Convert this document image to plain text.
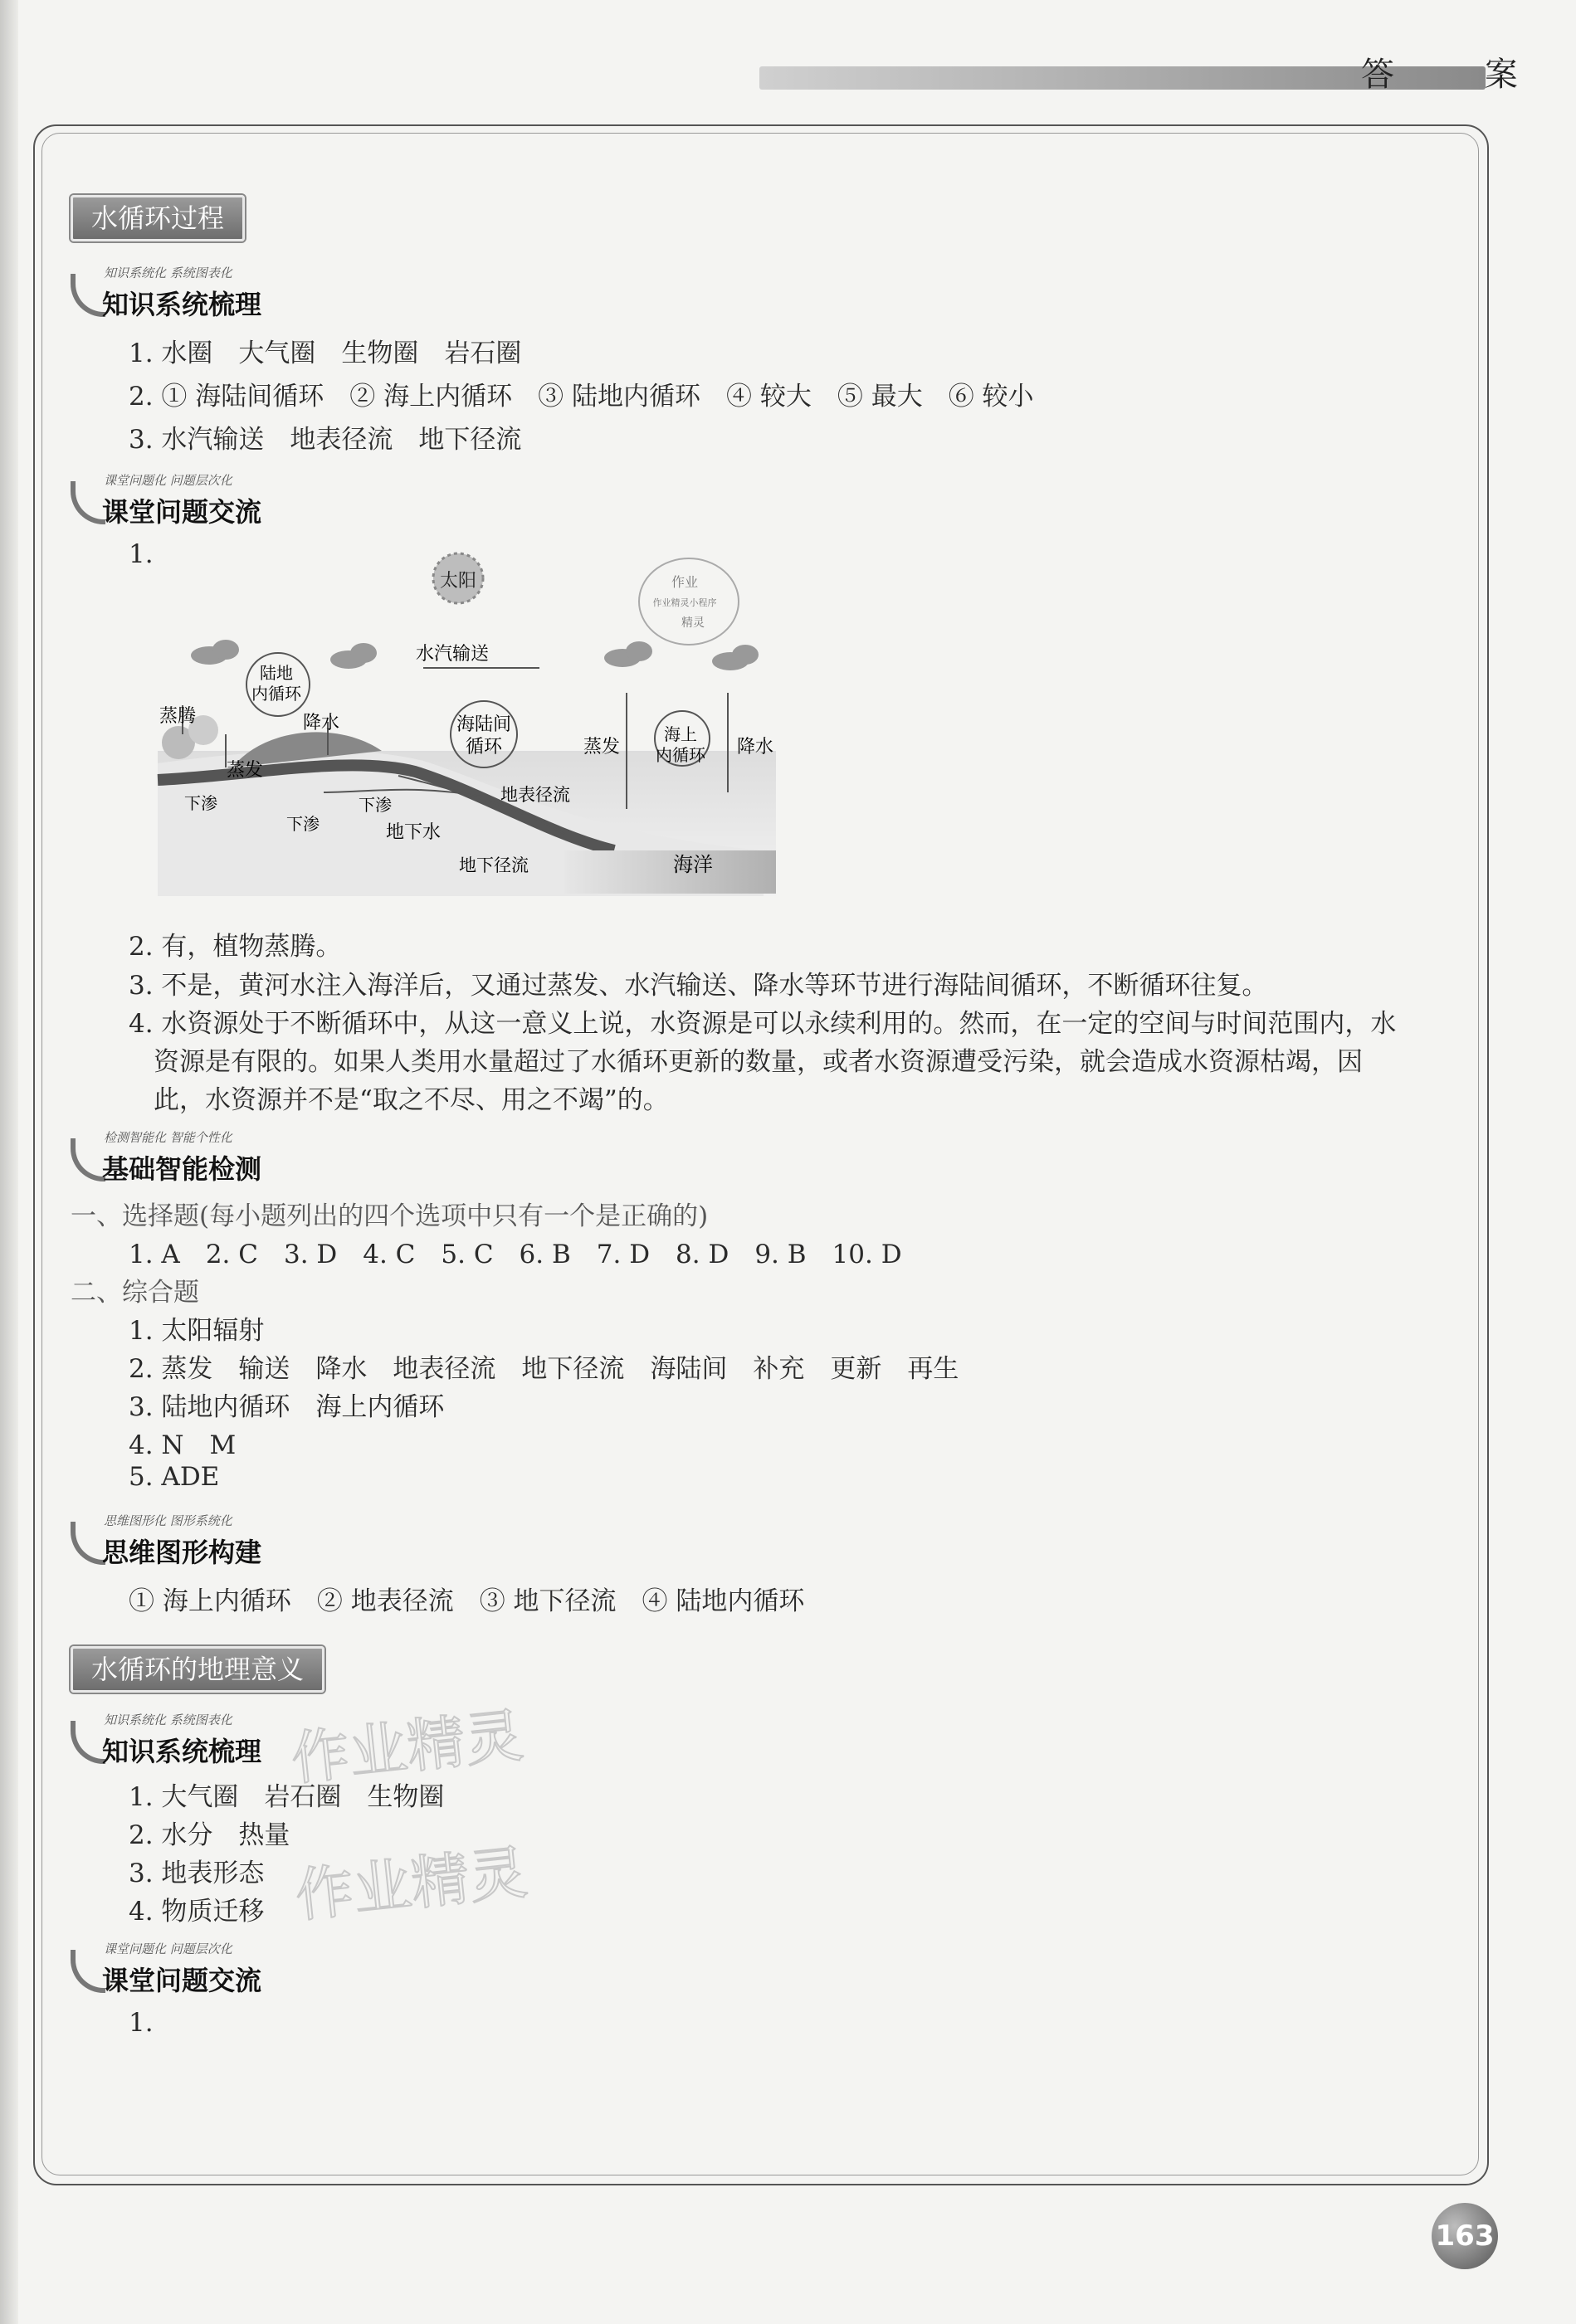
答 案
水循环过程
知识系统化 系统图表化
知识系统梳理
1. 水圈　大气圈　生物圈　岩石圈
2. ① 海陆间循环　② 海上内循环　③ 陆地内循环　④ 较大　⑤ 最大　⑥ 较小
3. 水汽输送　地表径流　地下径流
课堂问题化 问题层次化
课堂问题交流
1.
太阳	作业
作业精灵小程序
精灵
水汽输送
陆地
内循环
降水	海陆间
循环
蒸腾
蒸发
蒸发
海上
内循环 降水
地表径流
下渗
下渗
下渗
地下水
地下径流	海洋
2. 有，植物蒸腾。
3. 不是，黄河水注入海洋后，又通过蒸发、水汽输送、降水等环节进行海陆间循环，不断循环往复。
4. 水资源处于不断循环中，从这一意义上说，水资源是可以永续利用的。然而，在一定的空间与时间范围内，水
资源是有限的。如果人类用水量超过了水循环更新的数量，或者水资源遭受污染，就会造成水资源枯竭，因
此，水资源并不是“取之不尽、用之不竭”的。
检测智能化 智能个性化
基础智能检测
一、选择题(每小题列出的四个选项中只有一个是正确的)
1. A　2. C　3. D　4. C　5. C　6. B　7. D　8. D　9. B　10. D
二、综合题
1. 太阳辐射
2. 蒸发　输送　降水　地表径流　地下径流　海陆间　补充　更新　再生
3. 陆地内循环　海上内循环
4. N　M
5. ADE
思维图形化 图形系统化
思维图形构建
① 海上内循环　② 地表径流　③ 地下径流　④ 陆地内循环
水循环的地理意义
知识系统化 系统图表化
知识系统梳理
1. 大气圈　岩石圈　生物圈
2. 水分　热量
3. 地表形态
4. 物质迁移
课堂问题化 问题层次化
课堂问题交流
1.
作业精灵
作业精灵
163
